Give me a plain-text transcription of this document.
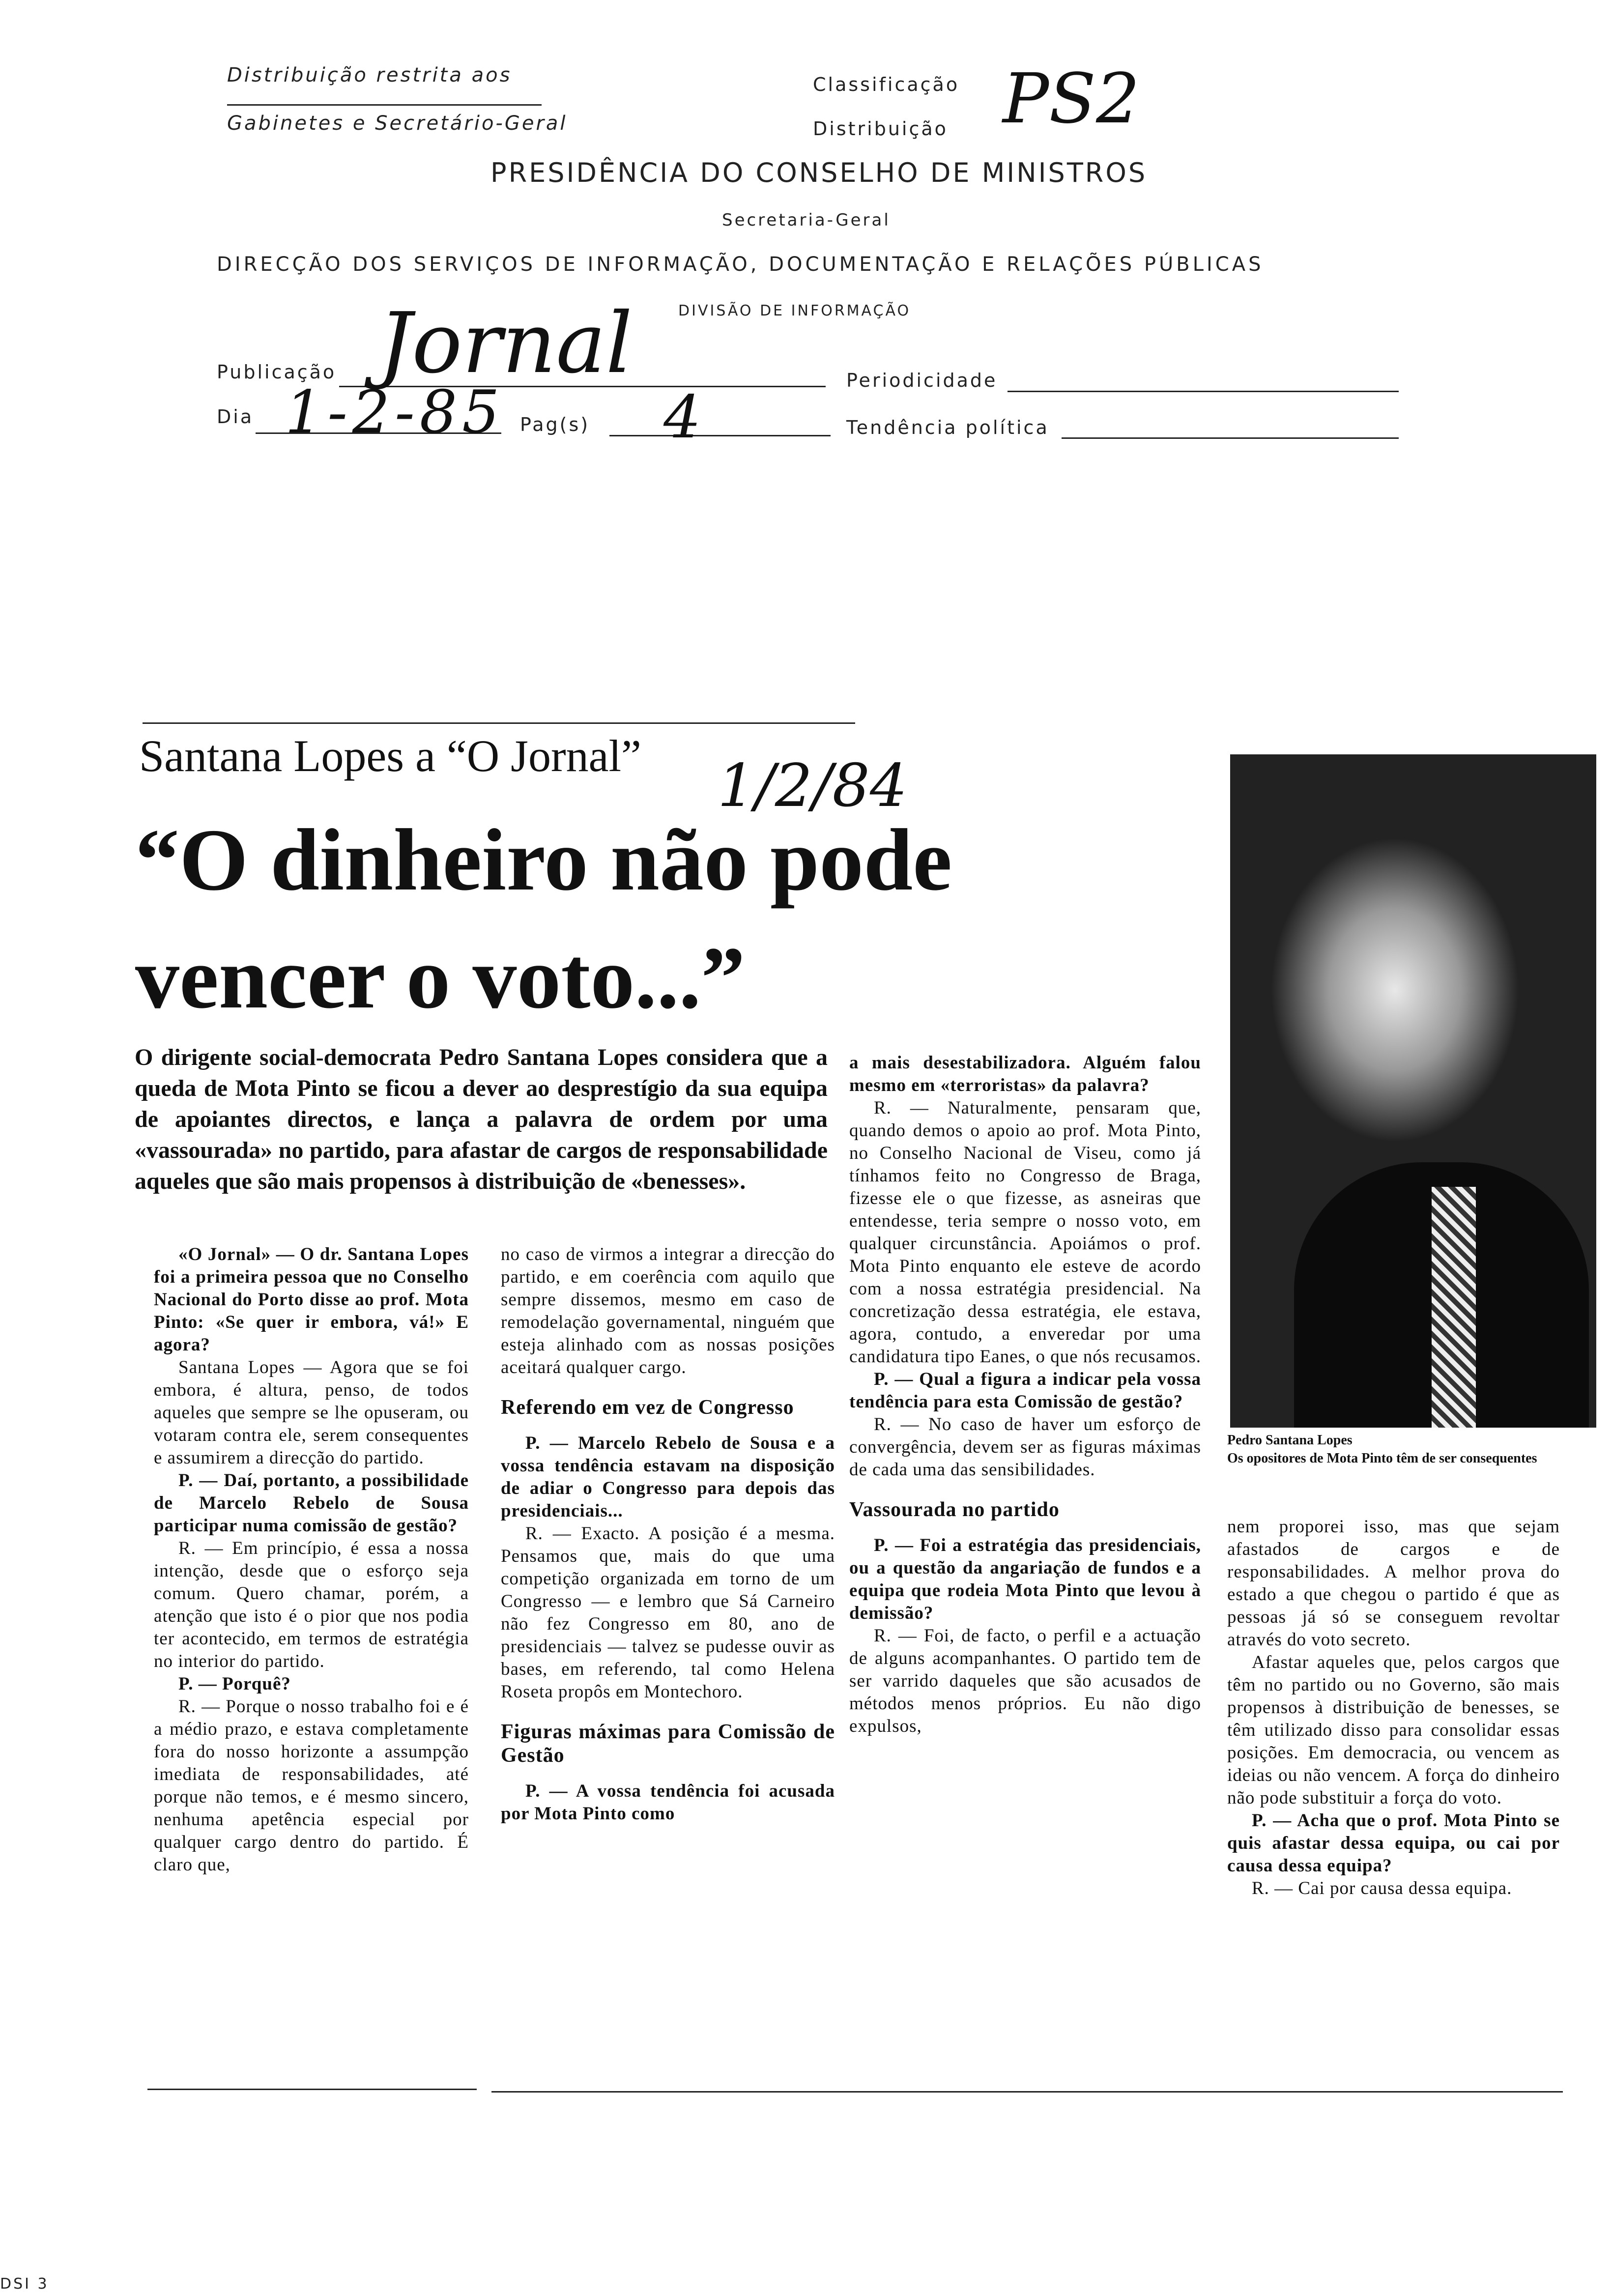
Distribuição restrita aos
Gabinetes e Secretário-Geral
Classificação
Distribuição PS2
PRESIDÊNCIA DO CONSELHO DE MINISTROS
Secretaria-Geral
DIRECÇÃO DOS SERVIÇOS DE INFORMAÇÃO, DOCUMENTAÇÃO E RELAÇÕES PÚBLICAS
DIVISÃO DE INFORMAÇÃO
Publicação Jornal	Periodicidade
Dia 1-2-85 Pag(s) 4	Tendência política
Santana Lopes a “O Jornal” 1/2/84
“O dinheiro não pode
vencer o voto...”
O dirigente social-democrata Pedro Santana Lopes considera que a queda de Mota Pinto se ficou a dever ao desprestígio da sua equipa de apoiantes directos, e lança a palavra de ordem por uma «vassourada» no partido, para afastar de cargos de responsabilidade aqueles que são mais propensos à distribuição de «benesses».
Pedro Santana Lopes
Os opositores de Mota Pinto têm de ser consequentes

«O Jornal» — O dr. Santana Lopes foi a primeira pessoa que no Conselho Nacional do Porto disse ao prof. Mota Pinto: «Se quer ir embora, vá!» E agora?

Santana Lopes — Agora que se foi embora, é altura, penso, de todos aqueles que sempre se lhe opuseram, ou votaram contra ele, serem consequentes e assumirem a direcção do partido.

P. — Daí, portanto, a possibilidade de Marcelo Rebelo de Sousa participar numa comissão de gestão?

R. — Em princípio, é essa a nossa intenção, desde que o esforço seja comum. Quero chamar, porém, a atenção que isto é o pior que nos podia ter acontecido, em termos de estratégia no interior do partido.

P. — Porquê?

R. — Porque o nosso trabalho foi e é a médio prazo, e estava completamente fora do nosso horizonte a assumpção imediata de responsabilidades, até porque não temos, e é mesmo sincero, nenhuma apetência especial por qualquer cargo dentro do partido. É claro que,

no caso de virmos a integrar a direcção do partido, e em coerência com aquilo que sempre dissemos, mesmo em caso de remodelação governamental, ninguém que esteja alinhado com as nossas posições aceitará qualquer cargo.

Referendo em vez de Congresso

P. — Marcelo Rebelo de Sousa e a vossa tendência estavam na disposição de adiar o Congresso para depois das presidenciais...

R. — Exacto. A posição é a mesma. Pensamos que, mais do que uma competição organizada em torno de um Congresso — e lembro que Sá Carneiro não fez Congresso em 80, ano de presidenciais — talvez se pudesse ouvir as bases, em referendo, tal como Helena Roseta propôs em Montechoro.

Figuras máximas para Comissão de Gestão

P. — A vossa tendência foi acusada por Mota Pinto como

a mais desestabilizadora. Alguém falou mesmo em «terroristas» da palavra?

R. — Naturalmente, pensaram que, quando demos o apoio ao prof. Mota Pinto, no Conselho Nacional de Viseu, como já tínhamos feito no Congresso de Braga, fizesse ele o que fizesse, as asneiras que entendesse, teria sempre o nosso voto, em qualquer circunstância. Apoiámos o prof. Mota Pinto enquanto ele esteve de acordo com a nossa estratégia presidencial. Na concretização dessa estratégia, ele estava, agora, contudo, a enveredar por uma candidatura tipo Eanes, o que nós recusamos.

P. — Qual a figura a indicar pela vossa tendência para esta Comissão de gestão?

R. — No caso de haver um esforço de convergência, devem ser as figuras máximas de cada uma das sensibilidades.

Vassourada no partido

P. — Foi a estratégia das presidenciais, ou a questão da angariação de fundos e a equipa que rodeia Mota Pinto que levou à demissão?

R. — Foi, de facto, o perfil e a actuação de alguns acompanhantes. O partido tem de ser varrido daqueles que são acusados de métodos menos próprios. Eu não digo expulsos,

nem proporei isso, mas que sejam afastados de cargos e de responsabilidades. A melhor prova do estado a que chegou o partido é que as pessoas já só se conseguem revoltar através do voto secreto.

Afastar aqueles que, pelos cargos que têm no partido ou no Governo, são mais propensos à distribuição de benesses, se têm utilizado disso para consolidar essas posições. Em democracia, ou vencem as ideias ou não vencem. A força do dinheiro não pode substituir a força do voto.

P. — Acha que o prof. Mota Pinto se quis afastar dessa equipa, ou cai por causa dessa equipa?

R. — Cai por causa dessa equipa.

DSI 3
